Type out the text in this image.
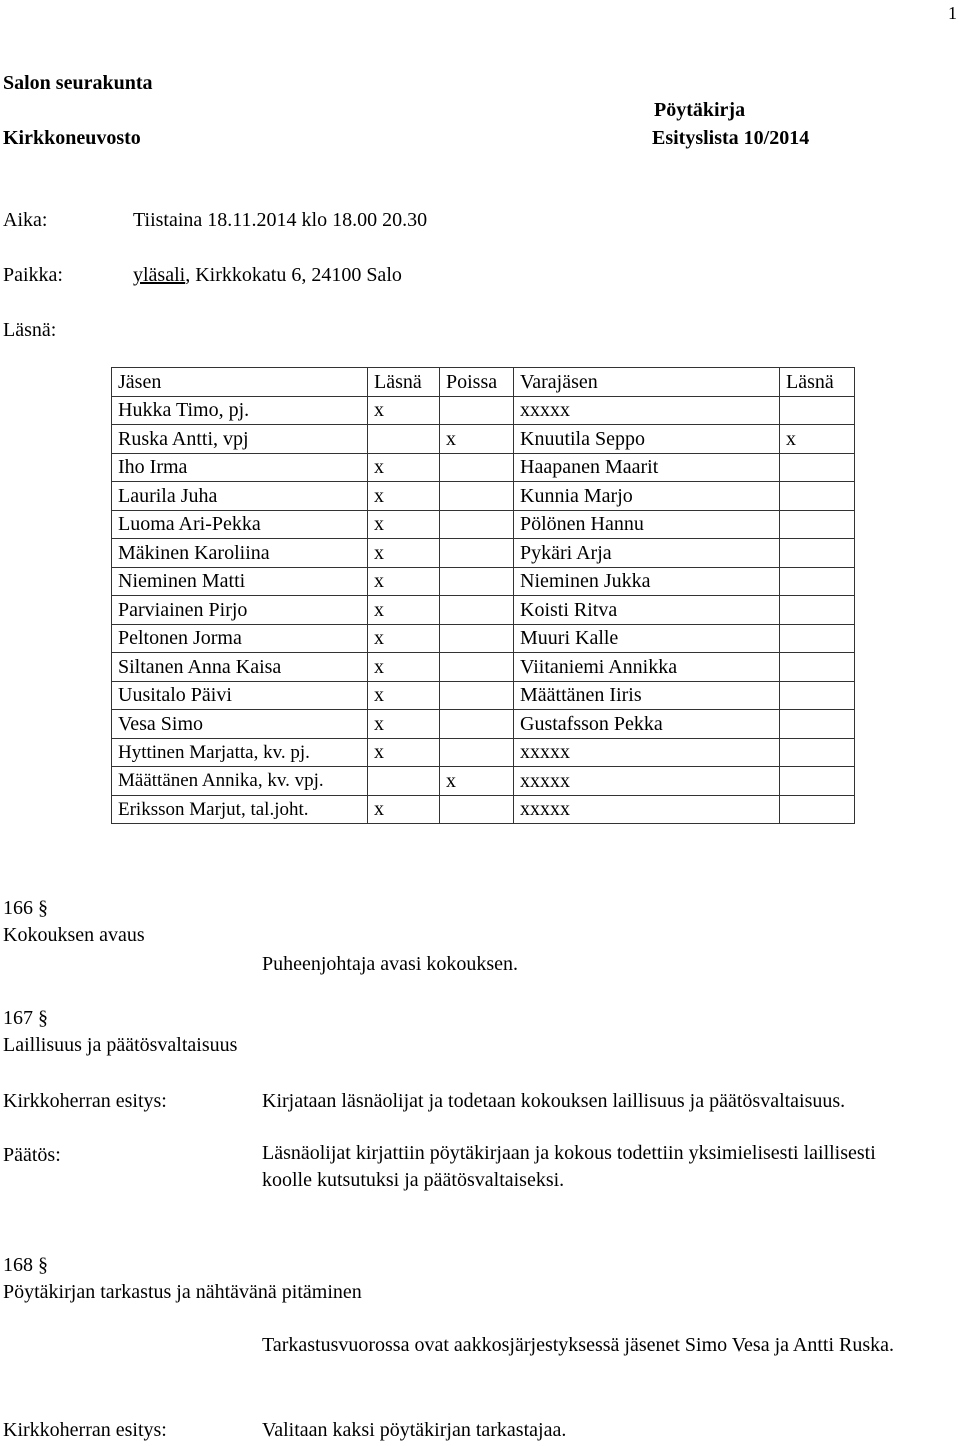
1
Salon seurakunta
Pöytäkirja
Kirkkoneuvosto	Esityslista 10/2014
Aika:	Tiistaina 18.11.2014 klo 18.00 20.30
Paikka:	yläsali, Kirkkokatu 6, 24100 Salo
Läsnä:
Jäsen	Läsnä	Poissa	Varajäsen	Läsnä
Hukka Timo, pj.	x		xxxxx	
Ruska Antti, vpj		x	Knuutila Seppo	x
Iho Irma	x		Haapanen Maarit	
Laurila Juha	x		Kunnia Marjo	
Luoma Ari-Pekka	x		Pölönen Hannu	
Mäkinen Karoliina	x		Pykäri Arja	
Nieminen Matti	x		Nieminen Jukka	
Parviainen Pirjo	x		Koisti Ritva	
Peltonen Jorma	x		Muuri Kalle	
Siltanen Anna Kaisa	x		Viitaniemi Annikka	
Uusitalo Päivi	x		Määttänen Iiris	
Vesa Simo	x		Gustafsson Pekka	
Hyttinen Marjatta, kv. pj.	x		xxxxx	
Määttänen Annika, kv. vpj.		x	xxxxx	
Eriksson Marjut, tal.joht.	x		xxxxx	
166 §
Kokouksen avaus
Puheenjohtaja avasi kokouksen.
167 §
Laillisuus ja päätösvaltaisuus
Kirkkoherran esitys:	Kirjataan läsnäolijat ja todetaan kokouksen laillisuus ja päätösvaltaisuus.
Päätös:	Läsnäolijat kirjattiin pöytäkirjaan ja kokous todettiin yksimielisesti laillisesti koolle kutsutuksi ja päätösvaltaiseksi.
168 §
Pöytäkirjan tarkastus ja nähtävänä pitäminen
Tarkastusvuorossa ovat aakkosjärjestyksessä jäsenet Simo Vesa ja Antti Ruska.
Kirkkoherran esitys:	Valitaan kaksi pöytäkirjan tarkastajaa.
